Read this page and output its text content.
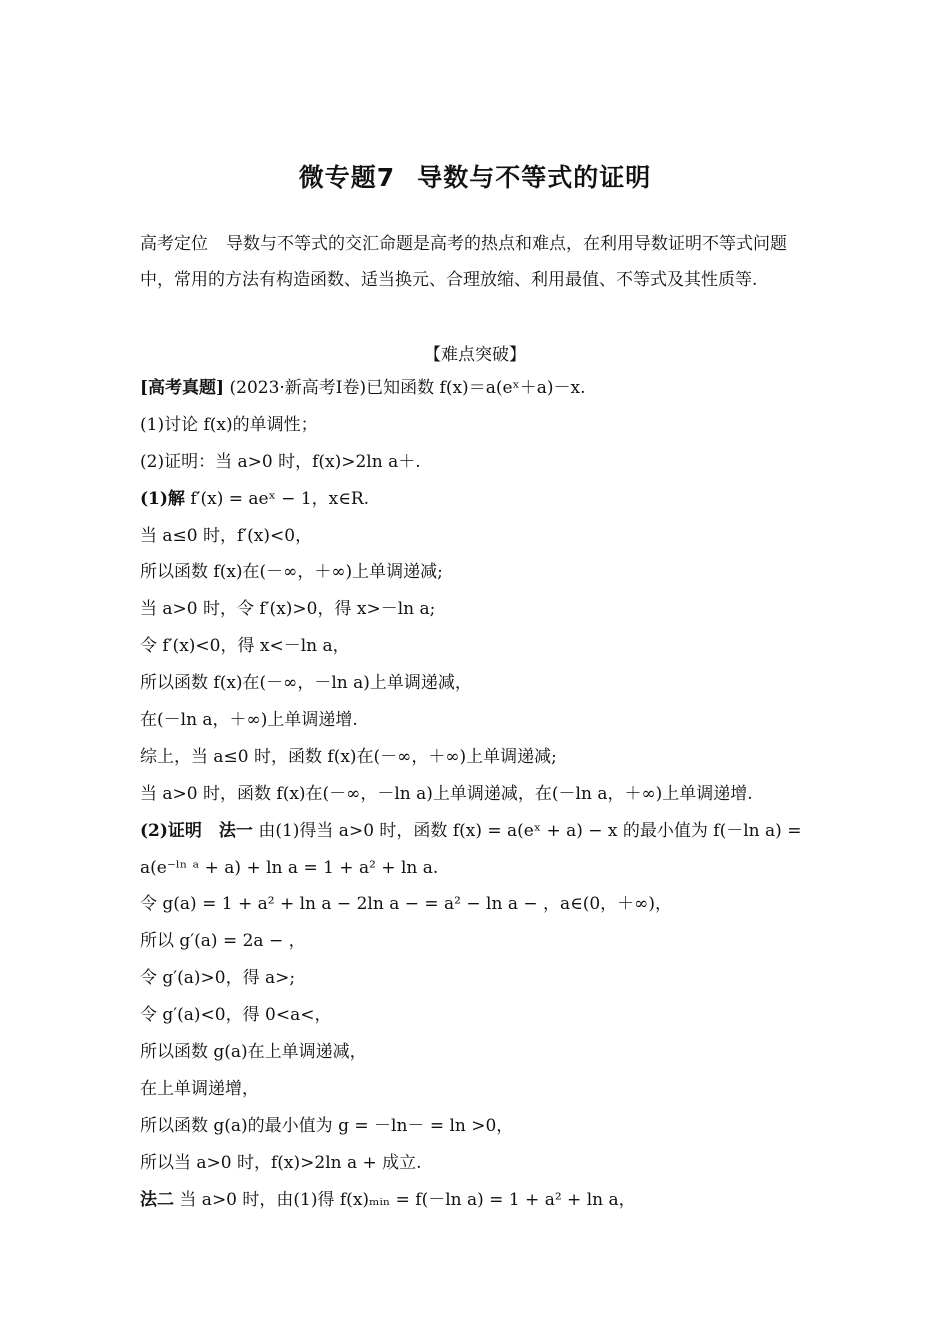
微专题7 导数与不等式的证明

高考定位 导数与不等式的交汇命题是高考的热点和难点，在利用导数证明不等式问题中，常用的方法有构造函数、适当换元、合理放缩、利用最值、不等式及其性质等.

【难点突破】

[高考真题] (2023·新高考Ⅰ卷)已知函数 f(x)＝a(eˣ＋a)－x.
(1)讨论 f(x)的单调性；
(2)证明：当 a>0 时，f(x)>2ln a＋.
(1)解 f′(x) = aeˣ − 1，x∈R.
当 a≤0 时，f′(x)<0，
所以函数 f(x)在(－∞，＋∞)上单调递减;
当 a>0 时，令 f′(x)>0，得 x>－ln a;
令 f′(x)<0，得 x<－ln a，
所以函数 f(x)在(－∞，－ln a)上单调递减，
在(－ln a，＋∞)上单调递增.
综上，当 a≤0 时，函数 f(x)在(－∞，＋∞)上单调递减;
当 a>0 时，函数 f(x)在(－∞，－ln a)上单调递减，在(－ln a，＋∞)上单调递增.
(2)证明　法一 由(1)得当 a>0 时，函数 f(x) = a(eˣ + a) − x 的最小值为 f(－ln a) =
a(e⁻ˡⁿ ᵃ + a) + ln a = 1 + a² + ln a.
令 g(a) = 1 + a² + ln a − 2ln a − = a² − ln a − ，a∈(0，＋∞)，
所以 g′(a) = 2a − ，
令 g′(a)>0，得 a>;
令 g′(a)<0，得 0<a<，
所以函数 g(a)在上单调递减，
在上单调递增，
所以函数 g(a)的最小值为 g = －ln－ = ln >0，
所以当 a>0 时，f(x)>2ln a + 成立.
法二 当 a>0 时，由(1)得 f(x)ₘᵢₙ = f(－ln a) = 1 + a² + ln a，
